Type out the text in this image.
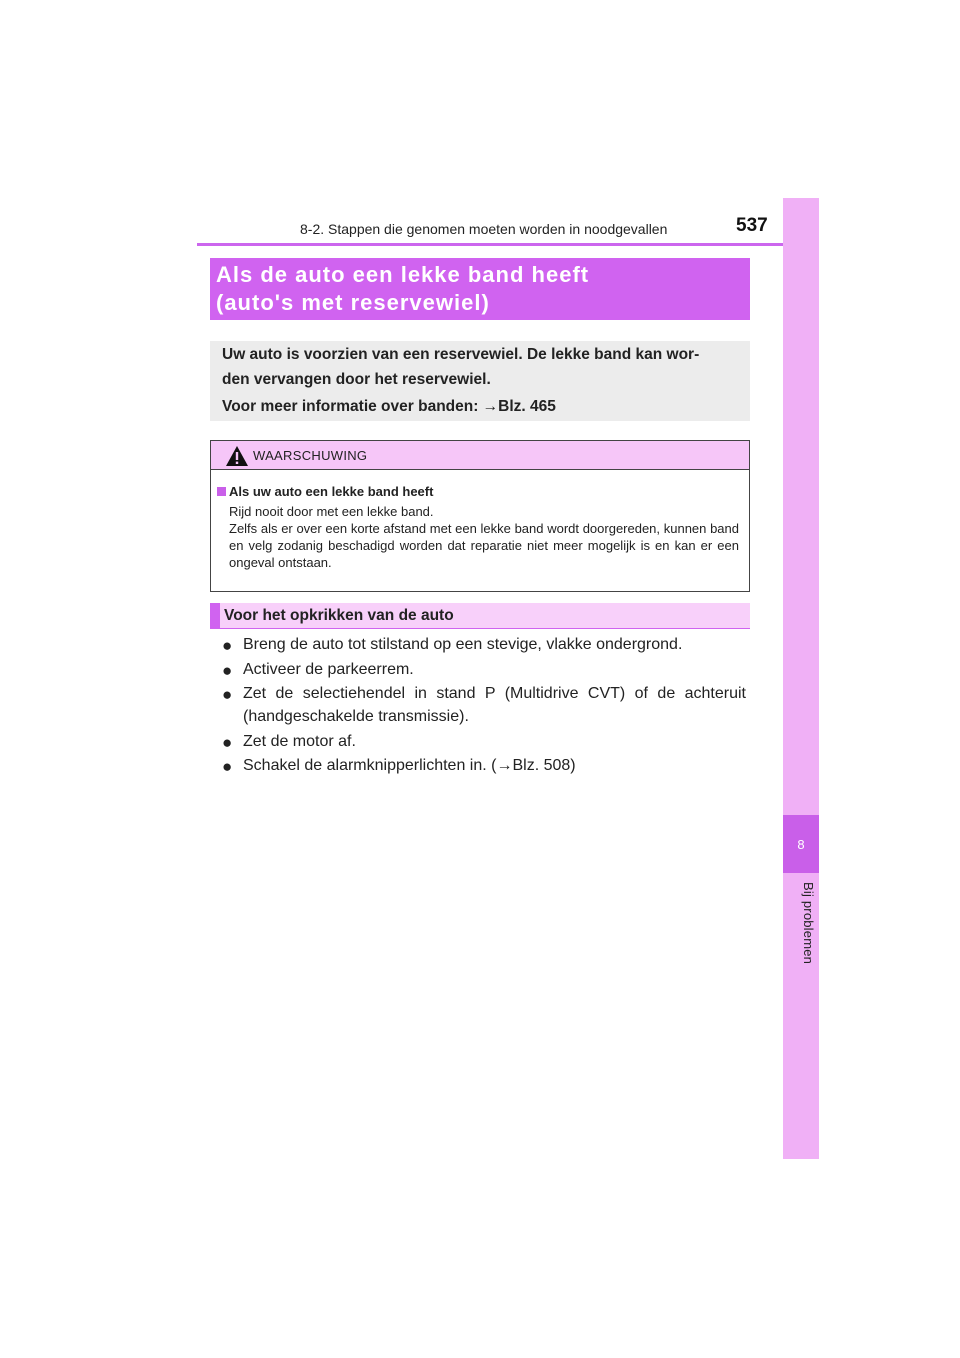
8-2. Stappen die genomen moeten worden in noodgevallen	537
8
Bij problemen
Als de auto een lekke band heeft
(auto's met reservewiel)
Uw auto is voorzien van een reservewiel. De lekke band kan wor-
den vervangen door het reservewiel.
Voor meer informatie over banden: →Blz. 465
WAARSCHUWING
Als uw auto een lekke band heeft
Rijd nooit door met een lekke band.
Zelfs als er over een korte afstand met een lekke band wordt doorgereden, kunnen band en velg zodanig beschadigd worden dat reparatie niet meer mogelijk is en kan er een ongeval ontstaan.
Voor het opkrikken van de auto
● Breng de auto tot stilstand op een stevige, vlakke ondergrond.
● Activeer de parkeerrem.
● Zet de selectiehendel in stand P (Multidrive CVT) of de achteruit (handgeschakelde transmissie).
● Zet de motor af.
● Schakel de alarmknipperlichten in. (→Blz. 508)
